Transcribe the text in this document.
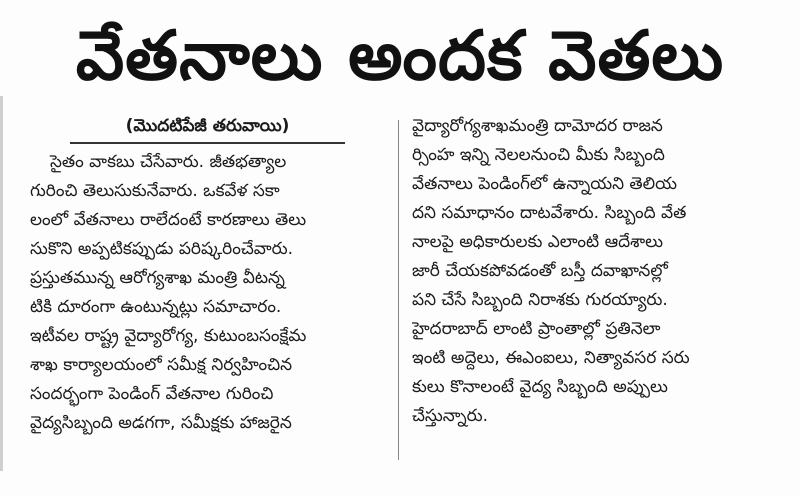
వేతనాలు అందక వెతలు
(మొదటిపేజీ తరువాయి)
సైతం వాకబు చేసేవారు. జీతభత్యాల
గురించి తెలుసుకునేవారు. ఒకవేళ సకా
లంలో వేతనాలు రాలేదంటే కారణాలు తెలు
సుకొని అప్పటికప్పుడు పరిష్కరించేవారు.
ప్రస్తుతమున్న ఆరోగ్యశాఖ మంత్రి వీటన్న
టికి దూరంగా ఉంటున్నట్లు సమాచారం.
ఇటీవల రాష్ట్ర వైద్యారోగ్య, కుటుంబసంక్షేమ
శాఖ కార్యాలయంలో సమీక్ష నిర్వహించిన
సందర్భంగా పెండింగ్ వేతనాల గురించి
వైద్యసిబ్బంది అడగగా, సమీక్షకు హాజరైన
వైద్యారోగ్యశాఖమంత్రి దామోదర రాజన
ర్సింహ ఇన్ని నెలలనుంచి మీకు సిబ్బంది
వేతనాలు పెండింగ్‌లో ఉన్నాయని తెలియ
దని సమాధానం దాటవేశారు. సిబ్బంది వేత
నాలపై అధికారులకు ఎలాంటి ఆదేశాలు
జారీ చేయకపోవడంతో బస్తీ దవాఖానల్లో
పని చేసే సిబ్బంది నిరాశకు గురయ్యారు.
హైదరాబాద్ లాంటి ప్రాంతాల్లో ప్రతినెలా
ఇంటి అద్దెలు, ఈఎంఐలు, నిత్యావసర సరు
కులు కొనాలంటే వైద్య సిబ్బంది అప్పులు
చేస్తున్నారు.
